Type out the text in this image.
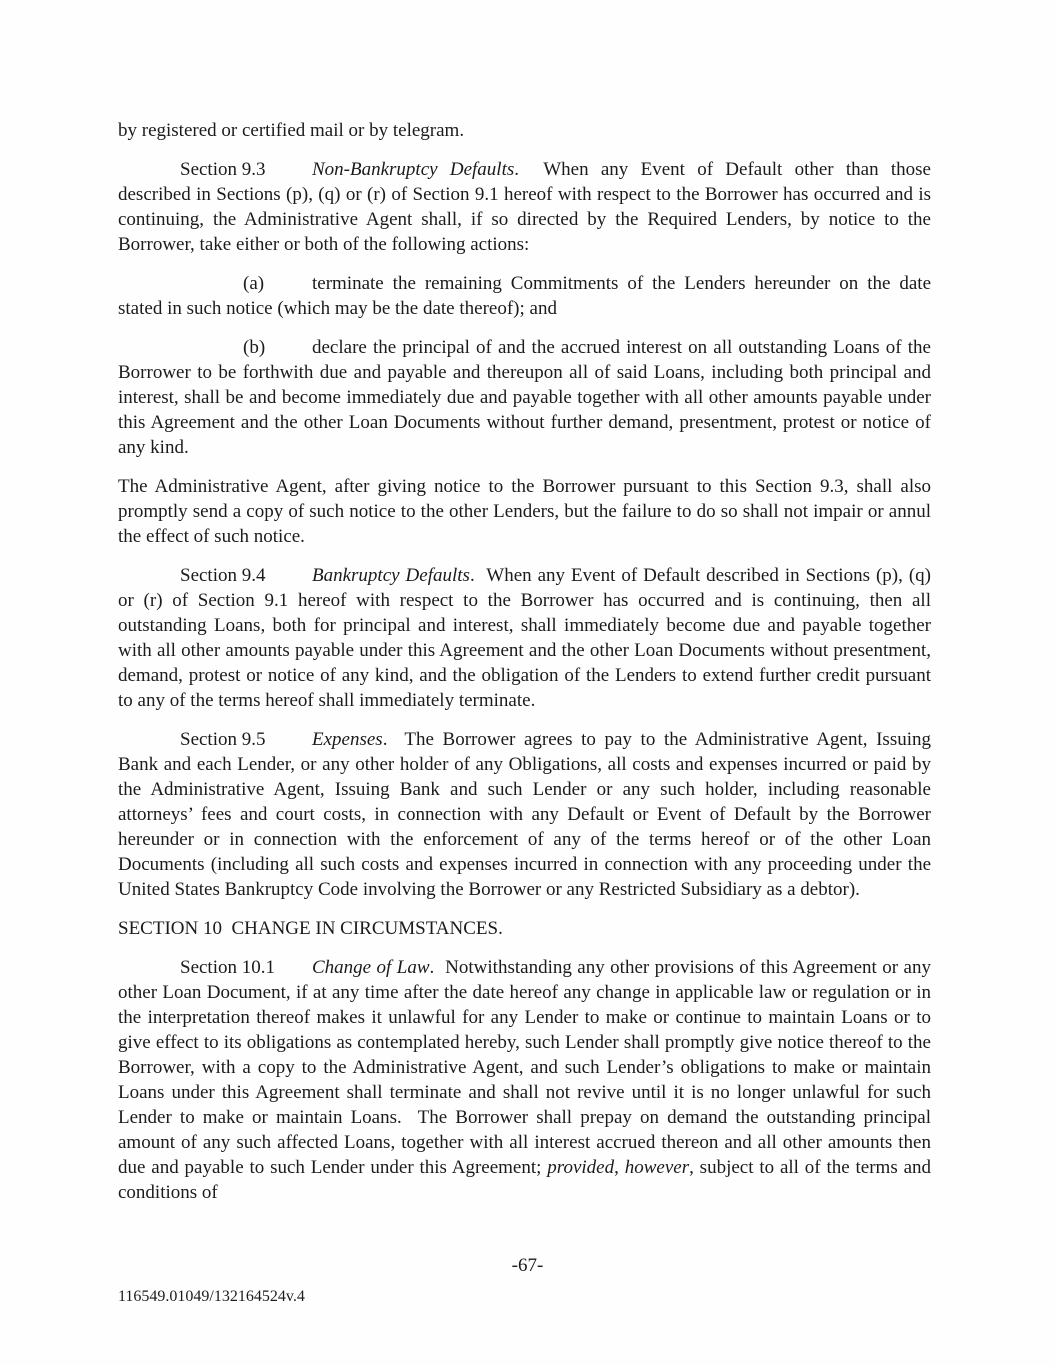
by registered or certified mail or by telegram.

Section 9.3 Non-Bankruptcy Defaults.  When any Event of Default other than those described in Sections (p), (q) or (r) of Section 9.1 hereof with respect to the Borrower has occurred and is continuing, the Administrative Agent shall, if so directed by the Required Lenders, by notice to the Borrower, take either or both of the following actions:

(a)	terminate the remaining Commitments of the Lenders hereunder on the date stated in such notice (which may be the date thereof); and

(b) declare the principal of and the accrued interest on all outstanding Loans of the Borrower to be forthwith due and payable and thereupon all of said Loans, including both principal and interest, shall be and become immediately due and payable together with all other amounts payable under this Agreement and the other Loan Documents without further demand, presentment, protest or notice of any kind.

The Administrative Agent, after giving notice to the Borrower pursuant to this Section 9.3, shall also promptly send a copy of such notice to the other Lenders, but the failure to do so shall not impair or annul the effect of such notice.

Section 9.4 Bankruptcy Defaults.  When any Event of Default described in Sections (p), (q) or (r) of Section 9.1 hereof with respect to the Borrower has occurred and is continuing, then all outstanding Loans, both for principal and interest, shall immediately become due and payable together with all other amounts payable under this Agreement and the other Loan Documents without presentment, demand, protest or notice of any kind, and the obligation of the Lenders to extend further credit pursuant to any of the terms hereof shall immediately terminate.

Section 9.5 Expenses.  The Borrower agrees to pay to the Administrative Agent, Issuing Bank and each Lender, or any other holder of any Obligations, all costs and expenses incurred or paid by the Administrative Agent, Issuing Bank and such Lender or any such holder, including reasonable attorneys’ fees and court costs, in connection with any Default or Event of Default by the Borrower hereunder or in connection with the enforcement of any of the terms hereof or of the other Loan Documents (including all such costs and expenses incurred in connection with any proceeding under the United States Bankruptcy Code involving the Borrower or any Restricted Subsidiary as a debtor).

SECTION 10  CHANGE IN CIRCUMSTANCES.

Section 10.1 Change of Law.  Notwithstanding any other provisions of this Agreement or any other Loan Document, if at any time after the date hereof any change in applicable law or regulation or in the interpretation thereof makes it unlawful for any Lender to make or continue to maintain Loans or to give effect to its obligations as contemplated hereby, such Lender shall promptly give notice thereof to the Borrower, with a copy to the Administrative Agent, and such Lender’s obligations to make or maintain Loans under this Agreement shall terminate and shall not revive until it is no longer unlawful for such Lender to make or maintain Loans.  The Borrower shall prepay on demand the outstanding principal amount of any such affected Loans, together with all interest accrued thereon and all other amounts then due and payable to such Lender under this Agreement; provided, however, subject to all of the terms and conditions of

-67-
116549.01049/132164524v.4
